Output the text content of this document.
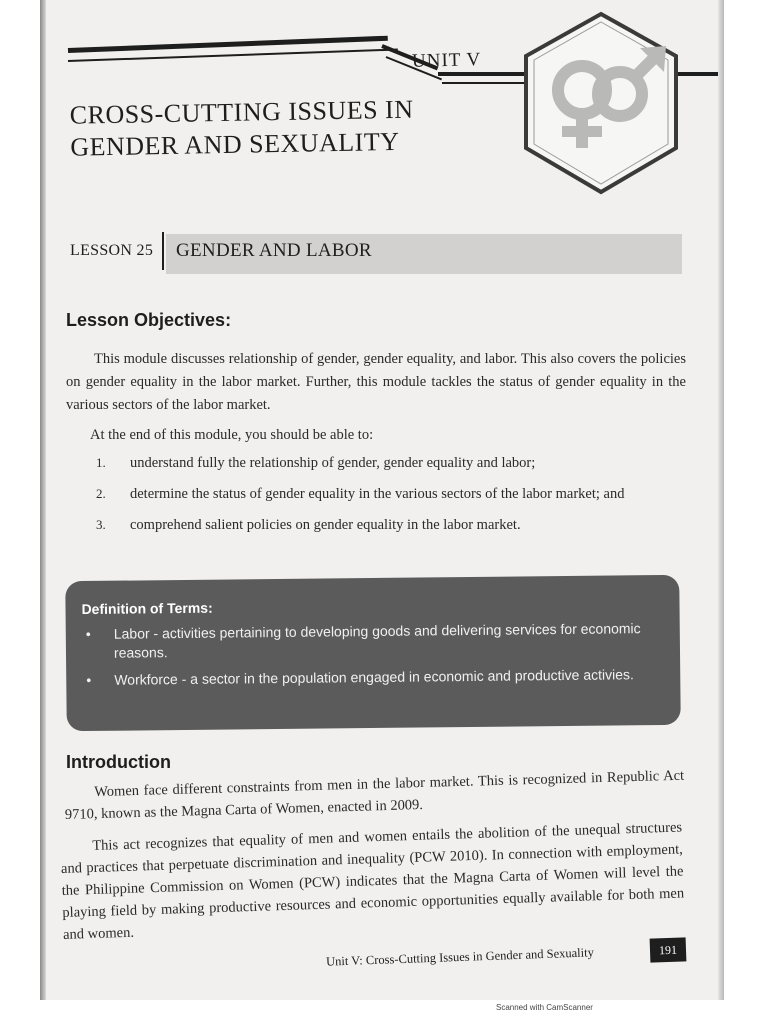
UNIT V
CROSS-CUTTING ISSUES IN
GENDER AND SEXUALITY
LESSON 25 GENDER AND LABOR
Lesson Objectives:

This module discusses relationship of gender, gender equality, and labor. This also covers the policies on gender equality in the labor market. Further, this module tackles the status of gender equality in the various sectors of the labor market.

At the end of this module, you should be able to:

1. understand fully the relationship of gender, gender equality and labor;
2. determine the status of gender equality in the various sectors of the labor market; and
3. comprehend salient policies on gender equality in the labor market.
Definition of Terms:
• Labor - activities pertaining to developing goods and delivering services for economic reasons.
• Workforce - a sector in the population engaged in economic and productive activies.
Introduction

Women face different constraints from men in the labor market. This is recognized in Republic Act 9710, known as the Magna Carta of Women, enacted in 2009.

This act recognizes that equality of men and women entails the abolition of the unequal structures and practices that perpetuate discrimination and inequality (PCW 2010). In connection with employment, the Philippine Commission on Women (PCW) indicates that the Magna Carta of Women will level the playing field by making productive resources and economic opportunities equally available for both men and women.

Unit V: Cross-Cutting Issues in Gender and Sexuality	191
Scanned with CamScanner
